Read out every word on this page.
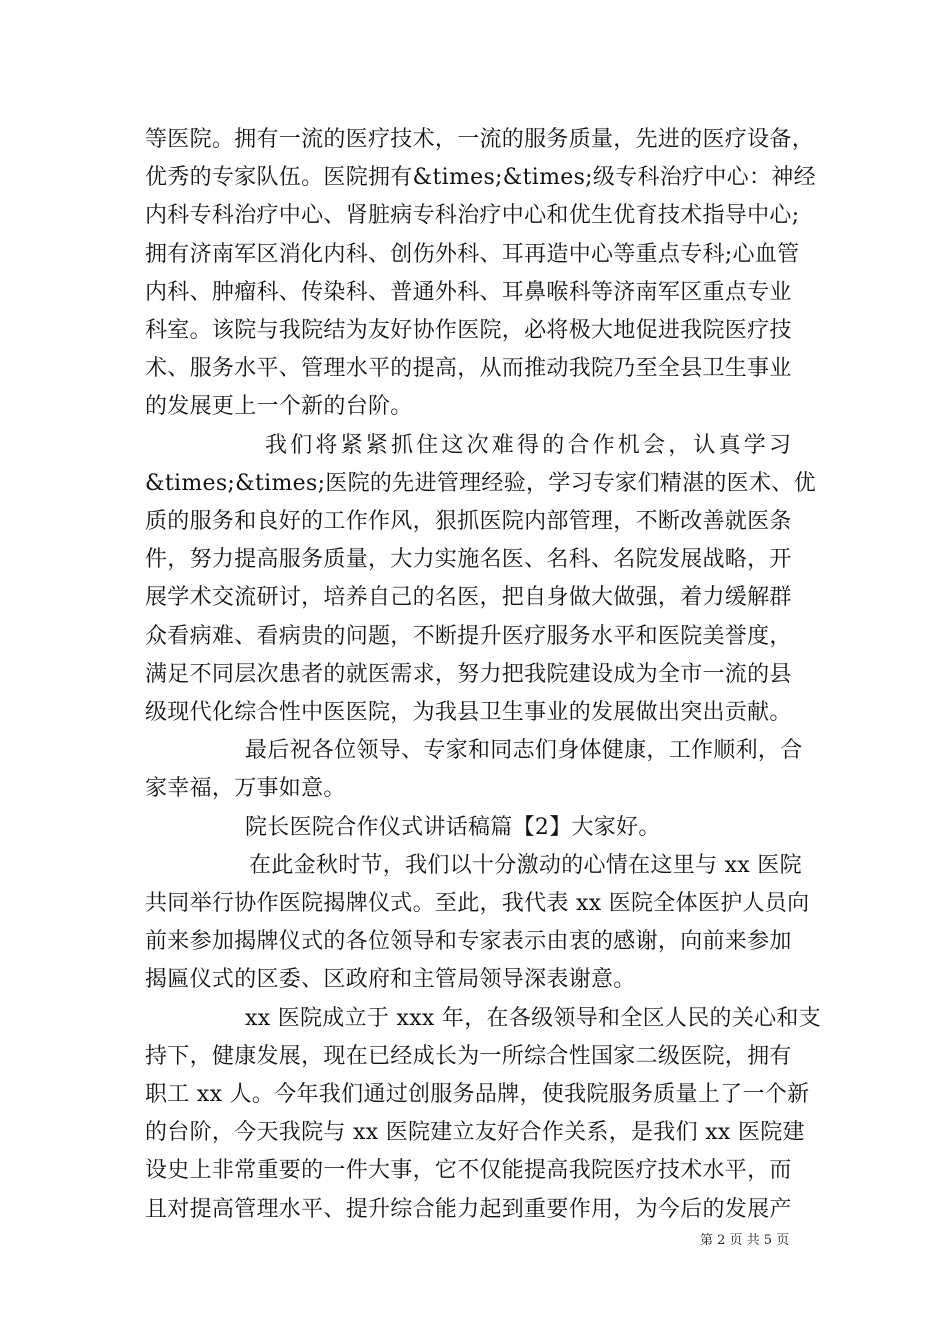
等医院。拥有一流的医疗技术，一流的服务质量，先进的医疗设备，
优秀的专家队伍。医院拥有&times;&times;级专科治疗中心：神经
内科专科治疗中心、肾脏病专科治疗中心和优生优育技术指导中心;
拥有济南军区消化内科、创伤外科、耳再造中心等重点专科;心血管
内科、肿瘤科、传染科、普通外科、耳鼻喉科等济南军区重点专业
科室。该院与我院结为友好协作医院，必将极大地促进我院医疗技
术、服务水平、管理水平的提高，从而推动我院乃至全县卫生事业
的发展更上一个新的台阶。
我们将紧紧抓住这次难得的合作机会，认真学习
&times;&times;医院的先进管理经验，学习专家们精湛的医术、优
质的服务和良好的工作作风，狠抓医院内部管理，不断改善就医条
件，努力提高服务质量，大力实施名医、名科、名院发展战略，开
展学术交流研讨，培养自己的名医，把自身做大做强，着力缓解群
众看病难、看病贵的问题，不断提升医疗服务水平和医院美誉度，
满足不同层次患者的就医需求，努力把我院建设成为全市一流的县
级现代化综合性中医医院，为我县卫生事业的发展做出突出贡献。
最后祝各位领导、专家和同志们身体健康，工作顺利，合
家幸福，万事如意。
院长医院合作仪式讲话稿篇【2】大家好。
在此金秋时节，我们以十分激动的心情在这里与 xx 医院
共同举行协作医院揭牌仪式。至此，我代表 xx 医院全体医护人员向
前来参加揭牌仪式的各位领导和专家表示由衷的感谢，向前来参加
揭匾仪式的区委、区政府和主管局领导深表谢意。
xx 医院成立于 xxx 年，在各级领导和全区人民的关心和支
持下，健康发展，现在已经成长为一所综合性国家二级医院，拥有
职工 xx 人。今年我们通过创服务品牌，使我院服务质量上了一个新
的台阶，今天我院与 xx 医院建立友好合作关系，是我们 xx 医院建
设史上非常重要的一件大事，它不仅能提高我院医疗技术水平，而
且对提高管理水平、提升综合能力起到重要作用，为今后的发展产
第 2 页 共 5 页
